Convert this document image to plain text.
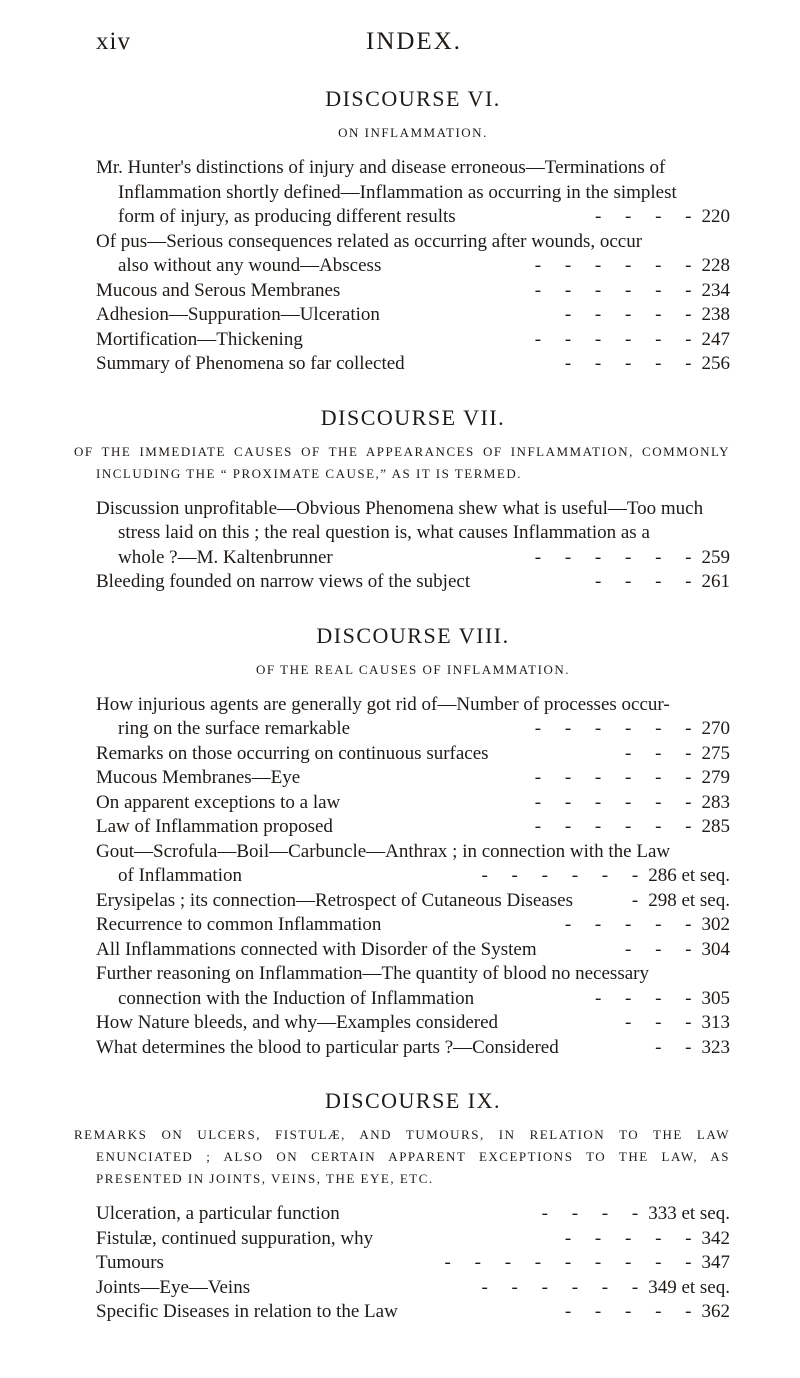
xiv	INDEX.
DISCOURSE VI.
ON INFLAMMATION.
Mr. Hunter's distinctions of injury and disease erroneous—Terminations of
Inflammation shortly defined—Inflammation as occurring in the simplest
form of injury, as producing different results	-     -     -     - 220
Of pus—Serious consequences related as occurring after wounds, occur
also without any wound—Abscess	-     -     -     -     -     - 228
Mucous and Serous Membranes	-     -     -     -     -     - 234
Adhesion—Suppuration—Ulceration	-     -     -     -     - 238
Mortification—Thickening	-     -     -     -     -     - 247
Summary of Phenomena so far collected	-     -     -     -     - 256
DISCOURSE VII.
OF THE IMMEDIATE CAUSES OF THE APPEARANCES OF INFLAMMATION, COMMONLY INCLUDING THE “ PROXIMATE CAUSE,” AS IT IS TERMED.
Discussion unprofitable—Obvious Phenomena shew what is useful—Too much
stress laid on this ; the real question is, what causes Inflammation as a
whole ?—M. Kaltenbrunner	-     -     -     -     -     - 259
Bleeding founded on narrow views of the subject	-     -     -     - 261
DISCOURSE VIII.
OF THE REAL CAUSES OF INFLAMMATION.
How injurious agents are generally got rid of—Number of processes occur-
ring on the surface remarkable	-     -     -     -     -     - 270
Remarks on those occurring on continuous surfaces	-     -     - 275
Mucous Membranes—Eye	-     -     -     -     -     - 279
On apparent exceptions to a law	-     -     -     -     -     - 283
Law of Inflammation proposed	-     -     -     -     -     - 285
Gout—Scrofula—Boil—Carbuncle—Anthrax ; in connection with the Law
of Inflammation	-     -     -     -     -     - 286 et seq.
Erysipelas ; its connection—Retrospect of Cutaneous Diseases	- 298 et seq.
Recurrence to common Inflammation	-     -     -     -     - 302
All Inflammations connected with Disorder of the System	-     -     - 304
Further reasoning on Inflammation—The quantity of blood no necessary
connection with the Induction of Inflammation	-     -     -     - 305
How Nature bleeds, and why—Examples considered	-     -     - 313
What determines the blood to particular parts ?—Considered	-     - 323
DISCOURSE IX.
REMARKS ON ULCERS, FISTULÆ, AND TUMOURS, IN RELATION TO THE LAW ENUNCIATED ; ALSO ON CERTAIN APPARENT EXCEPTIONS TO THE LAW, AS PRESENTED IN JOINTS, VEINS, THE EYE, ETC.
Ulceration, a particular function	-     -     -     - 333 et seq.
Fistulæ, continued suppuration, why	-     -     -     -     - 342
Tumours	-     -     -     -     -     -     -     -     - 347
Joints—Eye—Veins	-     -     -     -     -     - 349 et seq.
Specific Diseases in relation to the Law	-     -     -     -     - 362
